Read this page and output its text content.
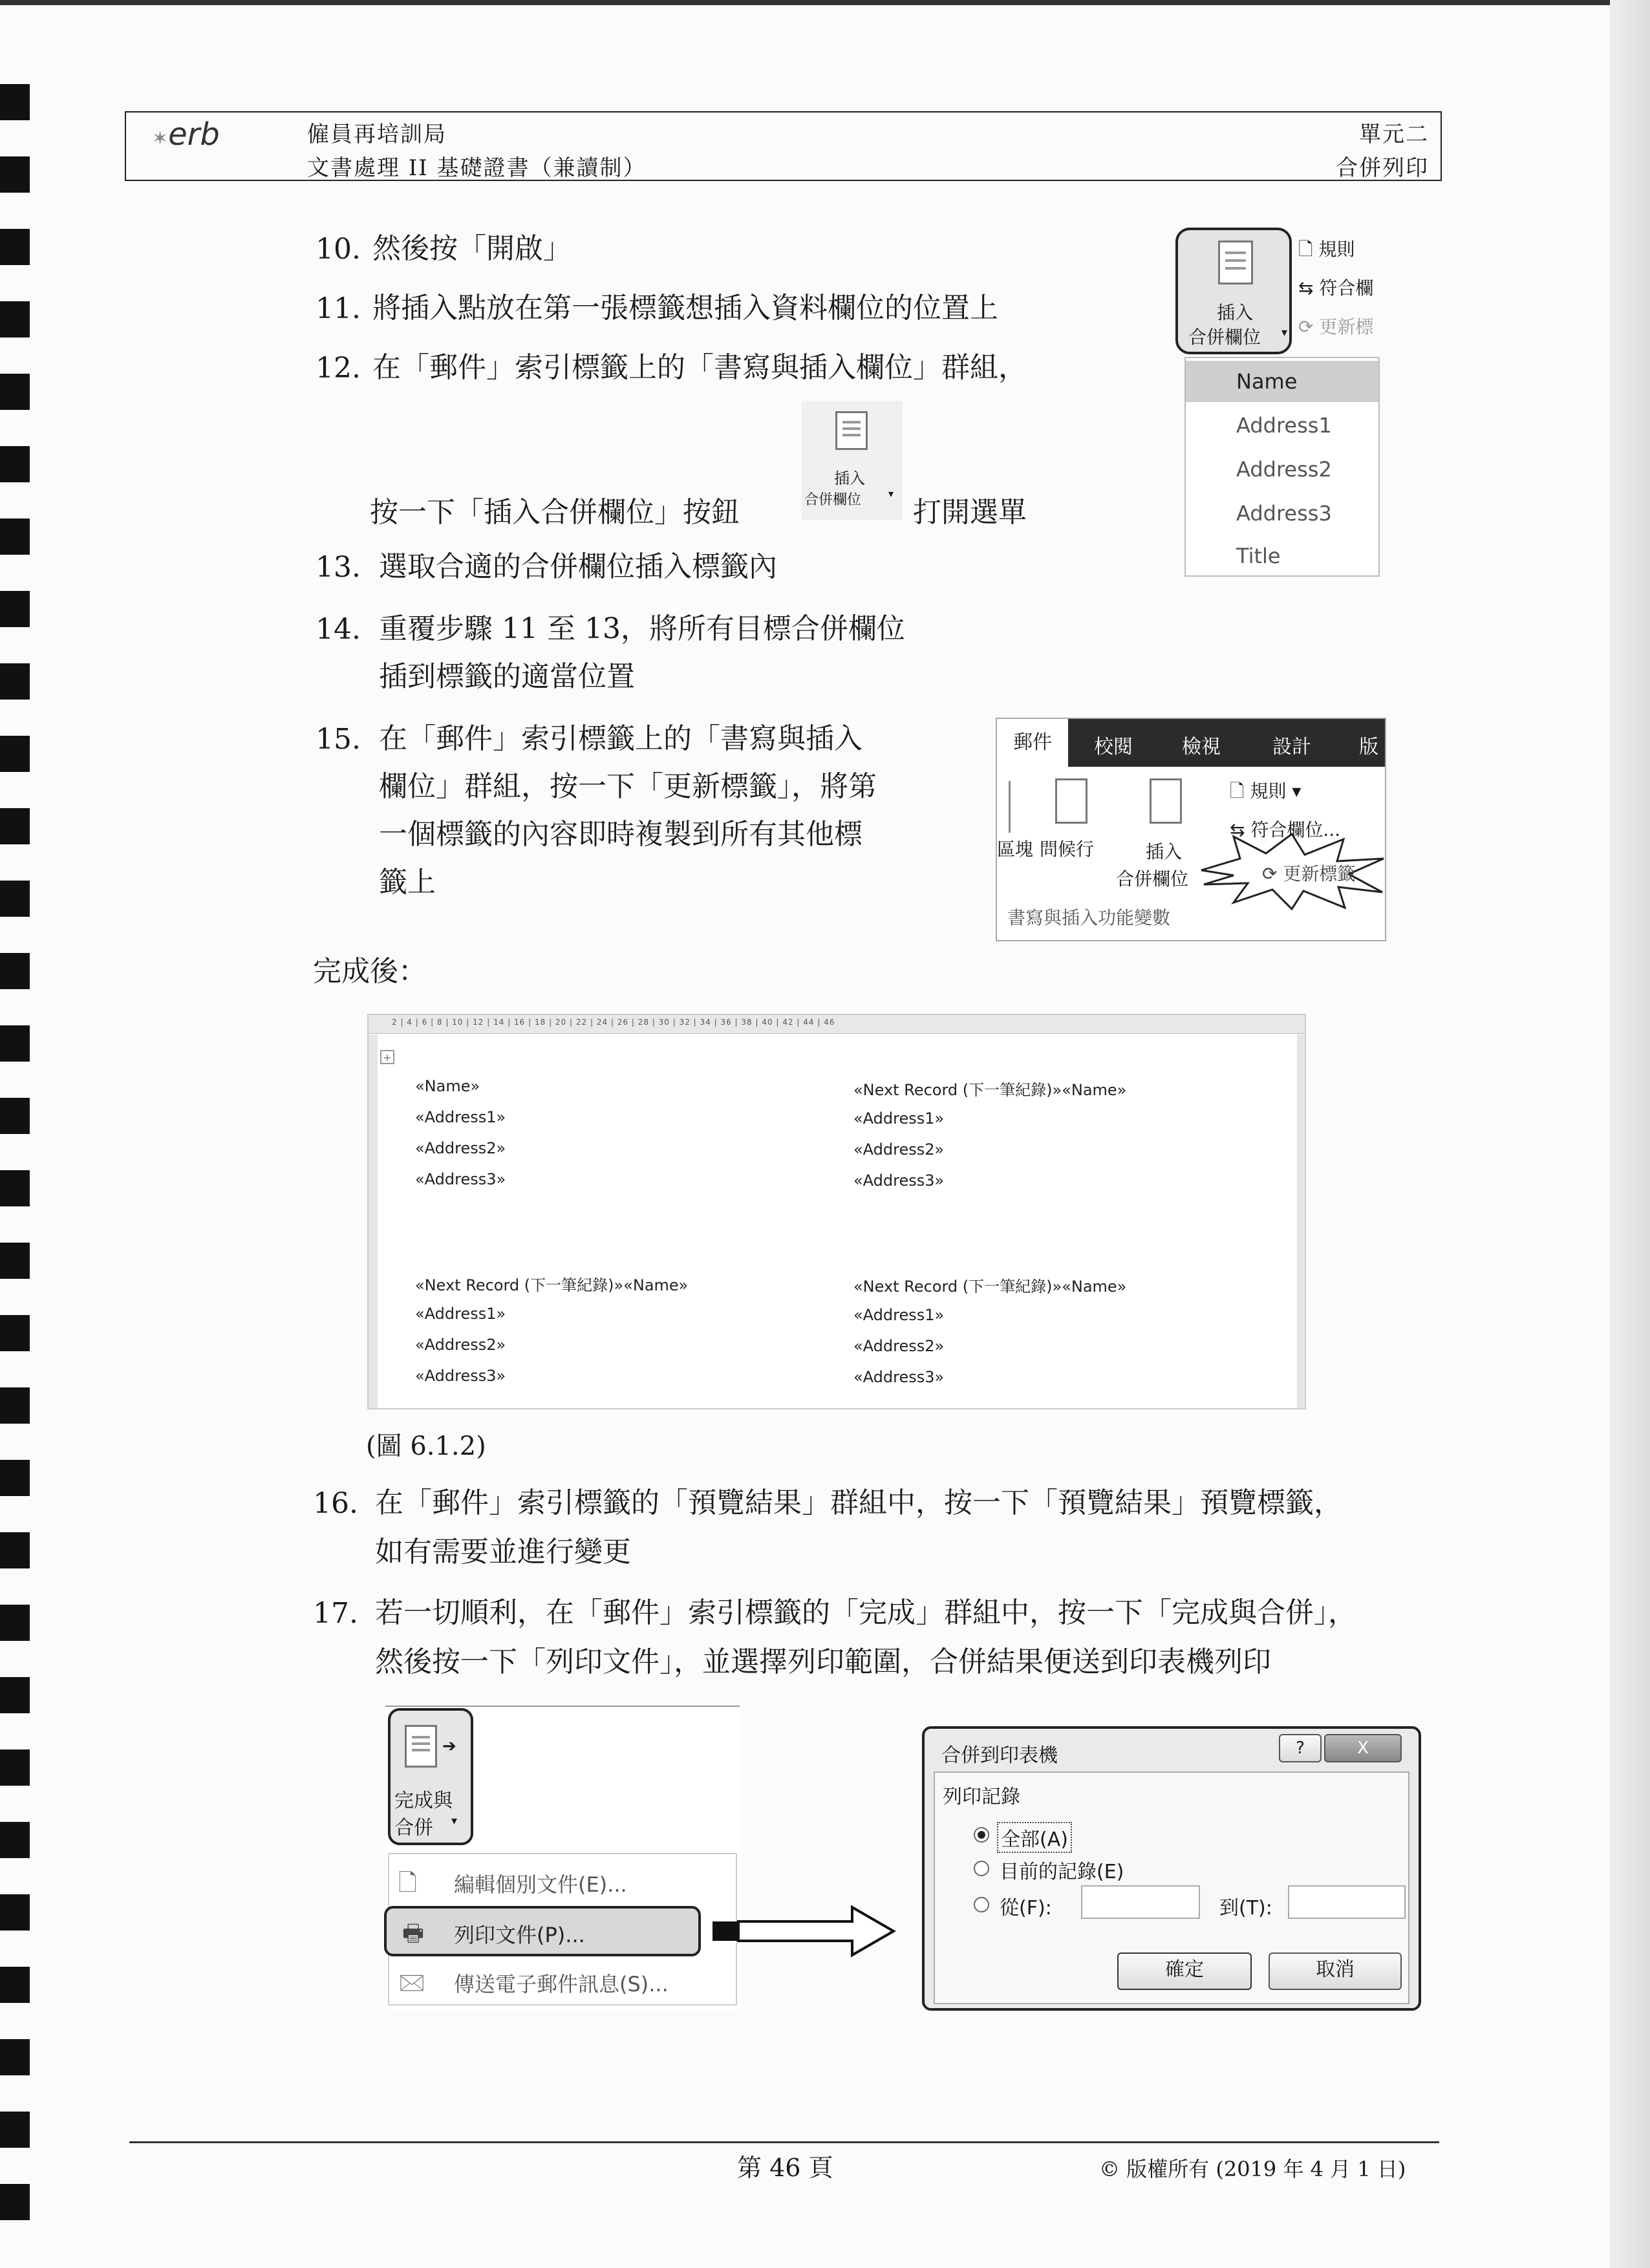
✶erb	僱員再培訓局
文書處理 II 基礎證書（兼讀制）
單元二
合併列印
10. 然後按「開啟」
11. 將插入點放在第一張標籤想插入資料欄位的位置上
12. 在「郵件」索引標籤上的「書寫與插入欄位」群組，
按一下「插入合併欄位」按鈕
插入
合併欄位	▾
打開選單
13. 選取合適的合併欄位插入標籤內
14. 重覆步驟 11 至 13，將所有目標合併欄位
插到標籤的適當位置
15. 在「郵件」索引標籤上的「書寫與插入
欄位」群組，按一下「更新標籤」，將第
一個標籤的內容即時複製到所有其他標
籤上
插入
合併欄位 ▾
🗋 規則
⇆ 符合欄
⟳ 更新標
Name
Address1
Address2
Address3
Title
郵件	校閱	檢視	設計 版
區塊 問候行	插入
合併欄位
🗋 規則 ▾
⇆ 符合欄位...
⟳ 更新標籤
書寫與插入功能變數
完成後：
2 | 4 | 6 | 8 | 10 | 12 | 14 | 16 | 18 | 20 | 22 | 24 | 26 | 28 | 30 | 32 | 34 | 36 | 38 | 40 | 42 | 44 | 46
+
«Name»
«Address1»
«Address2»
«Address3»
«Next Record (下一筆紀錄)»«Name»
«Address1»
«Address2»
«Address3»
«Next Record (下一筆紀錄)»«Name»
«Address1»
«Address2»
«Address3»
«Next Record (下一筆紀錄)»«Name»
«Address1»
«Address2»
«Address3»
(圖 6.1.2)
16. 在「郵件」索引標籤的「預覽結果」群組中，按一下「預覽結果」預覽標籤，
如有需要並進行變更
17. 若一切順利，在「郵件」索引標籤的「完成」群組中，按一下「完成與合併」，
然後按一下「列印文件」，並選擇列印範圍，合併結果便送到印表機列印
➔
完成與
合併 ▾
🗋 編輯個別文件(E)...
🖶 列印文件(P)...
🖂 傳送電子郵件訊息(S)...
合併到印表機	?	X
列印記錄
全部(A)
目前的記錄(E)
從(F):	到(T):
確定	取消
第 46 頁	© 版權所有 (2019 年 4 月 1 日)
